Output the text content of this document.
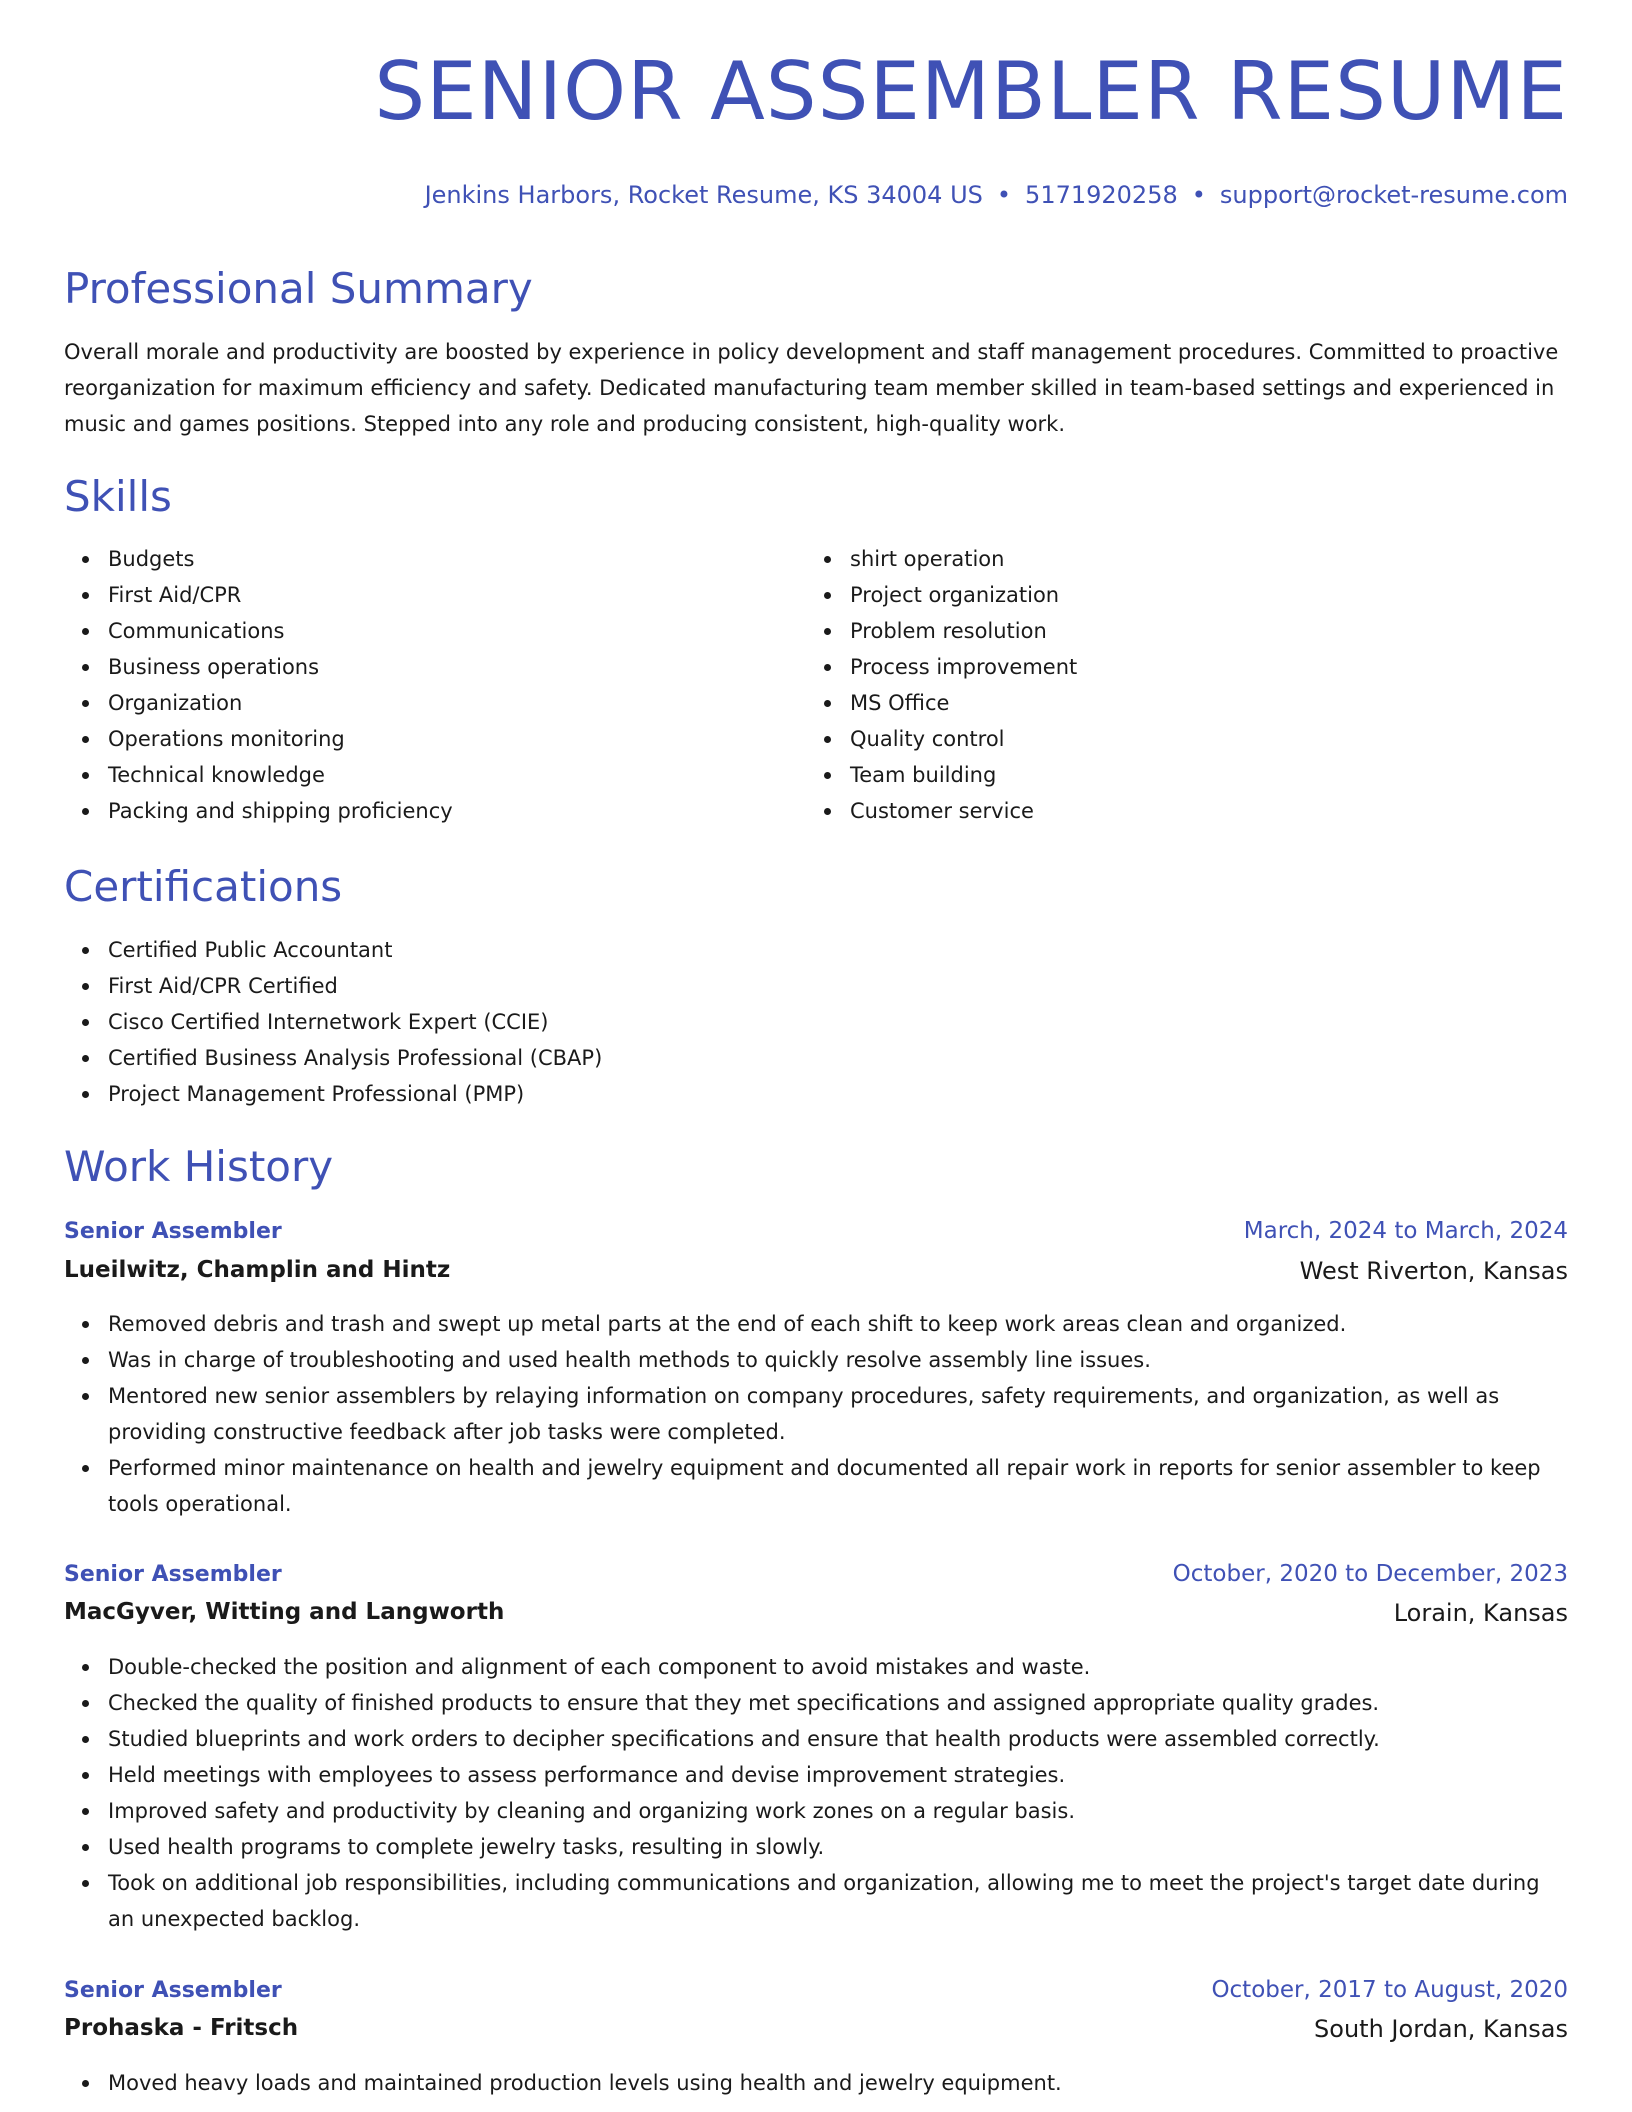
SENIOR ASSEMBLER RESUME
Jenkins Harbors, Rocket Resume, KS 34004 US • 5171920258 • support@rocket-resume.com
Professional Summary

Overall morale and productivity are boosted by experience in policy development and staff management procedures. Committed to proactive reorganization for maximum efficiency and safety. Dedicated manufacturing team member skilled in team-based settings and experienced in music and games positions. Stepped into any role and producing consistent, high-quality work.

Skills
Budgets
First Aid/CPR
Communications
Business operations
Organization
Operations monitoring
Technical knowledge
Packing and shipping proficiency
shirt operation
Project organization
Problem resolution
Process improvement
MS Office
Quality control
Team building
Customer service
Certifications
Certified Public Accountant
First Aid/CPR Certified
Cisco Certified Internetwork Expert (CCIE)
Certified Business Analysis Professional (CBAP)
Project Management Professional (PMP)
Work History
Senior Assembler	March, 2024 to March, 2024
Lueilwitz, Champlin and Hintz	West Riverton, Kansas
Removed debris and trash and swept up metal parts at the end of each shift to keep work areas clean and organized.
Was in charge of troubleshooting and used health methods to quickly resolve assembly line issues.
Mentored new senior assemblers by relaying information on company procedures, safety requirements, and organization, as well as providing constructive feedback after job tasks were completed.
Performed minor maintenance on health and jewelry equipment and documented all repair work in reports for senior assembler to keep tools operational.
Senior Assembler	October, 2020 to December, 2023
MacGyver, Witting and Langworth	Lorain, Kansas
Double-checked the position and alignment of each component to avoid mistakes and waste.
Checked the quality of finished products to ensure that they met specifications and assigned appropriate quality grades.
Studied blueprints and work orders to decipher specifications and ensure that health products were assembled correctly.
Held meetings with employees to assess performance and devise improvement strategies.
Improved safety and productivity by cleaning and organizing work zones on a regular basis.
Used health programs to complete jewelry tasks, resulting in slowly.
Took on additional job responsibilities, including communications and organization, allowing me to meet the project's target date during an unexpected backlog.
Senior Assembler	October, 2017 to August, 2020
Prohaska - Fritsch	South Jordan, Kansas
Moved heavy loads and maintained production levels using health and jewelry equipment.
